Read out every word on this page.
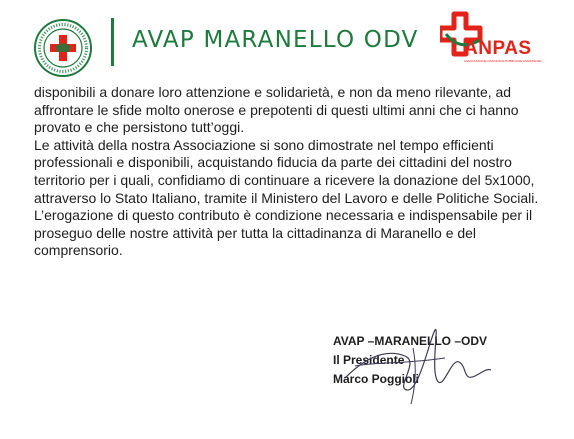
AVAP MARANELLO ODV ANPAS
ASSOCIAZIONE NAZIONALE PUBBLICHE ASSISTENZE
disponibili a donare loro attenzione e solidarietà, e non da meno rilevante, ad
affrontare le sfide molto onerose e prepotenti di questi ultimi anni che ci hanno
provato e che persistono tutt’oggi.
Le attività della nostra Associazione si sono dimostrate nel tempo efficienti
professionali e disponibili, acquistando fiducia da parte dei cittadini del nostro
territorio per i quali, confidiamo di continuare a ricevere la donazione del 5x1000,
attraverso lo Stato Italiano, tramite il Ministero del Lavoro e delle Politiche Sociali.
L’erogazione di questo contributo è condizione necessaria e indispensabile per il
proseguo delle nostre attività per tutta la cittadinanza di Maranello e del
comprensorio.
AVAP –MARANELLO –ODV
Il Presidente
Marco Poggioli
